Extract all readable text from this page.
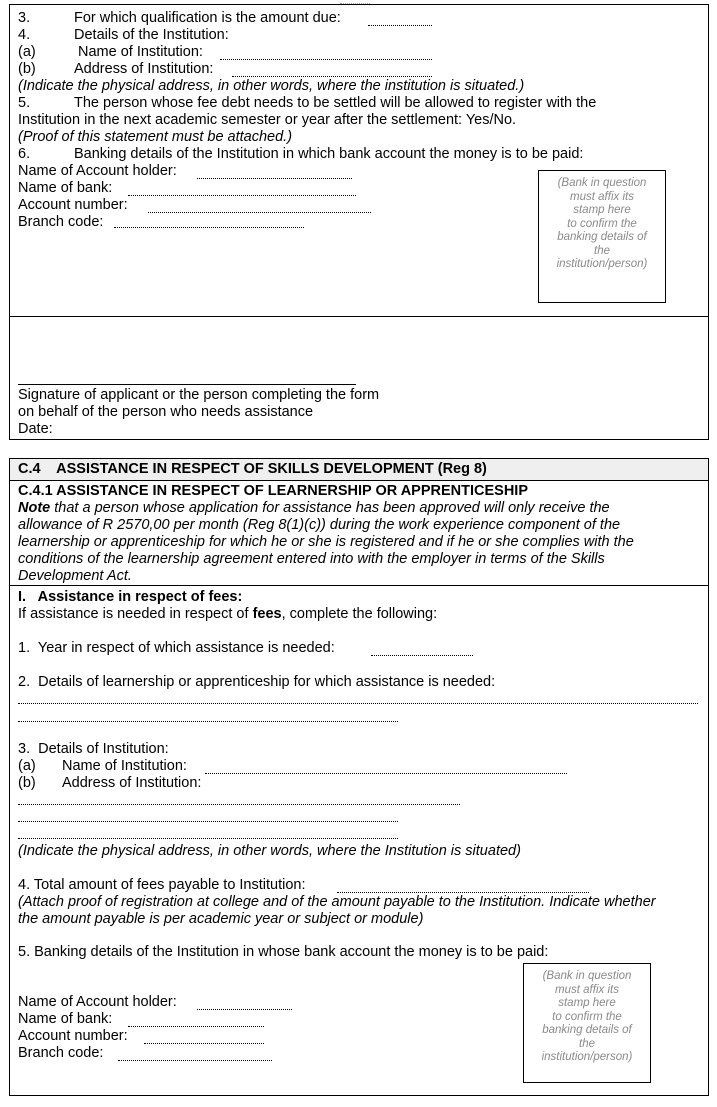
3.	For which qualification is the amount due:
4.	Details of the Institution:
(a)	Name of Institution:
(b)	Address of Institution:
(Indicate the physical address, in other words, where the institution is situated.)
5.	The person whose fee debt needs to be settled will be allowed to register with the
Institution in the next academic semester or year after the settlement: Yes/No.
(Proof of this statement must be attached.)
6.	Banking details of the Institution in which bank account the money is to be paid:
Name of Account holder:
Name of bank:
Account number:
Branch code:
(Bank in question
must affix its
stamp here
to confirm the
banking details of
the
institution/person)
Signature of applicant or the person completing the form
on behalf of the person who needs assistance
Date:
C.4    ASSISTANCE IN RESPECT OF SKILLS DEVELOPMENT (Reg 8)
C.4.1 ASSISTANCE IN RESPECT OF LEARNERSHIP OR APPRENTICESHIP
Note that a person whose application for assistance has been approved will only receive the
allowance of R 2570,00 per month (Reg 8(1)(c)) during the work experience component of the
learnership or apprenticeship for which he or she is registered and if he or she complies with the
conditions of the learnership agreement entered into with the employer in terms of the Skills
Development Act.
I.   Assistance in respect of fees:
If assistance is needed in respect of fees, complete the following:
1.  Year in respect of which assistance is needed:
2.  Details of learnership or apprenticeship for which assistance is needed:
3.  Details of Institution:
(a) Name of Institution:
(b) Address of Institution:
(Indicate the physical address, in other words, where the Institution is situated)
4. Total amount of fees payable to Institution:
(Attach proof of registration at college and of the amount payable to the Institution. Indicate whether
the amount payable is per academic year or subject or module)
5. Banking details of the Institution in whose bank account the money is to be paid:
Name of Account holder:
Name of bank:
Account number:
Branch code:
(Bank in question
must affix its
stamp here
to confirm the
banking details of
the
institution/person)
